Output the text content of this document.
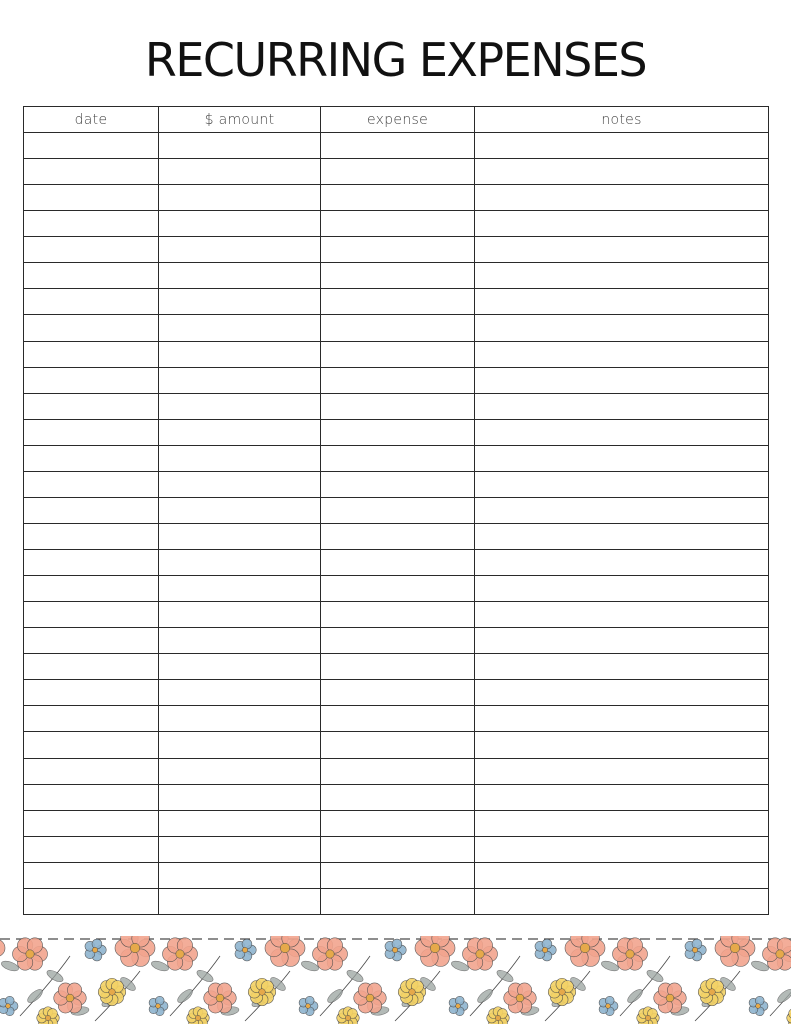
RECURRING EXPENSES
date	$ amount	expense	notes
